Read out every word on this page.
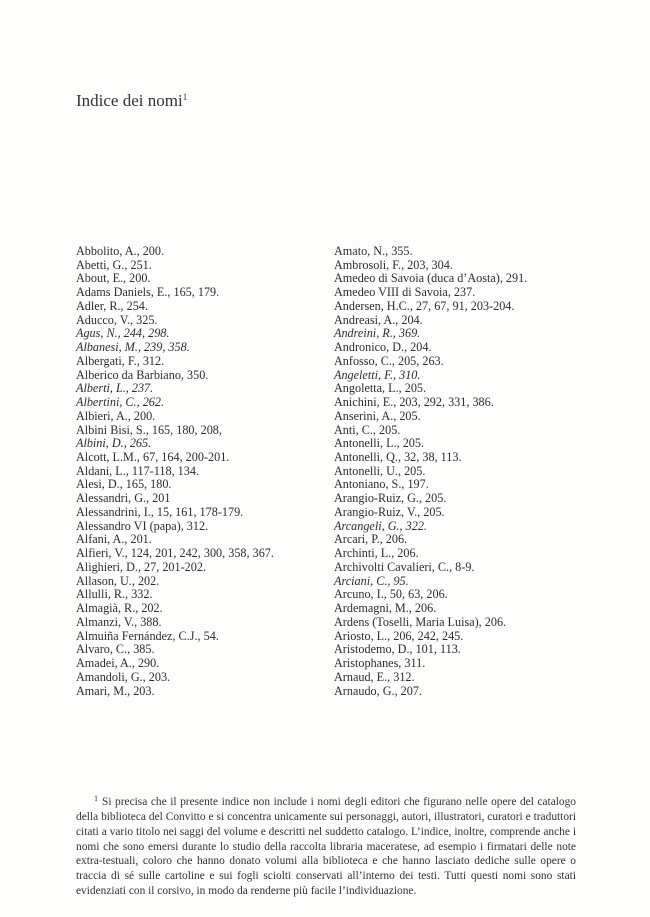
Indice dei nomi$^1$
Abbolito, A., 200.
Abetti, G., 251.
About, E., 200.
Adams Daniels, E., 165, 179.
Adler, R., 254.
Aducco, V., 325.
Agus, N., 244, 298.
Albanesi, M., 239, 358.
Albergati, F., 312.
Alberico da Barbiano, 350.
Alberti, L., 237.
Albertini, C., 262.
Albieri, A., 200.
Albini Bisi, S., 165, 180, 208,
Albini, D., 265.
Alcott, L.M., 67, 164, 200-201.
Aldani, L., 117-118, 134.
Alesi, D., 165, 180.
Alessandri, G., 201
Alessandrini, I., 15, 161, 178-179.
Alessandro VI (papa), 312.
Alfani, A., 201.
Alfieri, V., 124, 201, 242, 300, 358, 367.
Alighieri, D., 27, 201-202.
Allason, U., 202.
Allulli, R., 332.
Almagià, R., 202.
Almanzi, V., 388.
Almuiña Fernández, C.J., 54.
Alvaro, C., 385.
Amadei, A., 290.
Amandoli, G., 203.
Amari, M., 203.
Amato, N., 355.
Ambrosoli, F., 203, 304.
Amedeo di Savoia (duca d’Aosta), 291.
Amedeo VIII di Savoia, 237.
Andersen, H.C., 27, 67, 91, 203-204.
Andreasi, A., 204.
Andreini, R., 369.
Andronico, D., 204.
Anfosso, C., 205, 263.
Angeletti, F., 310.
Angoletta, L., 205.
Anichini, E., 203, 292, 331, 386.
Anserini, A., 205.
Anti, C., 205.
Antonelli, L., 205.
Antonelli, Q., 32, 38, 113.
Antonelli, U., 205.
Antoniano, S., 197.
Arangio-Ruiz, G., 205.
Arangio-Ruiz, V., 205.
Arcangeli, G., 322.
Arcari, P., 206.
Archinti, L., 206.
Archivolti Cavalieri, C., 8-9.
Arciani, C., 95.
Arcuno, I., 50, 63, 206.
Ardemagni, M., 206.
Ardens (Toselli, Maria Luisa), 206.
Ariosto, L., 206, 242, 245.
Aristodemo, D., 101, 113.
Aristophanes, 311.
Arnaud, E., 312.
Arnaudo, G., 207.

$^1$ Si precisa che il presente indice non include i nomi degli editori che figurano nelle opere del catalogo della biblioteca del Convitto e si concentra unicamente sui personaggi, autori, illustratori, curatori e traduttori citati a vario titolo nei saggi del volume e descritti nel suddetto catalogo. L’indice, inoltre, comprende anche i nomi che sono emersi durante lo studio della raccolta libraria maceratese, ad esempio i firmatari delle note extra-testuali, coloro che hanno donato volumi alla biblioteca e che hanno lasciato dediche sulle opere o traccia di sé sulle cartoline e sui fogli sciolti conservati all’interno dei testi. Tutti questi nomi sono stati evidenziati con il corsivo, in modo da renderne più facile l’individuazione.
